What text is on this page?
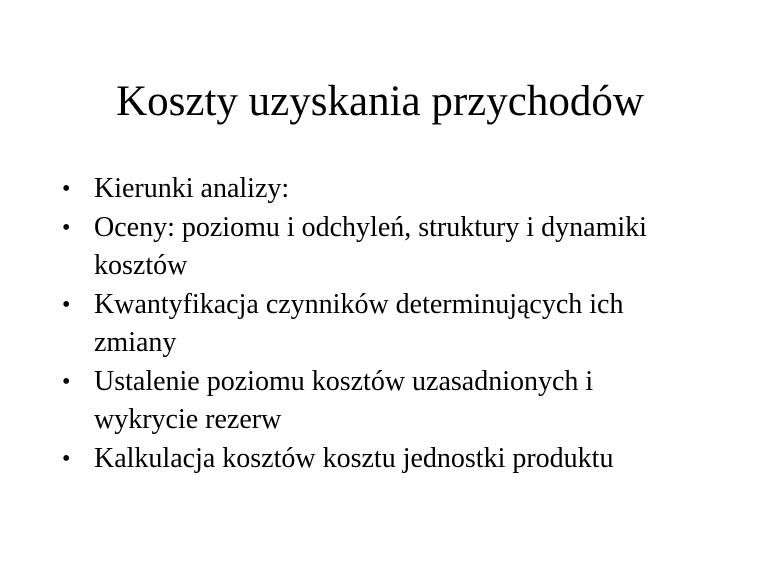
Koszty uzyskania przychodów
• Kierunki analizy:
• Oceny: poziomu i odchyleń, struktury i dynamiki kosztów
• Kwantyfikacja czynników determinujących ich zmiany
• Ustalenie poziomu kosztów uzasadnionych i wykrycie rezerw
• Kalkulacja kosztów kosztu jednostki produktu
